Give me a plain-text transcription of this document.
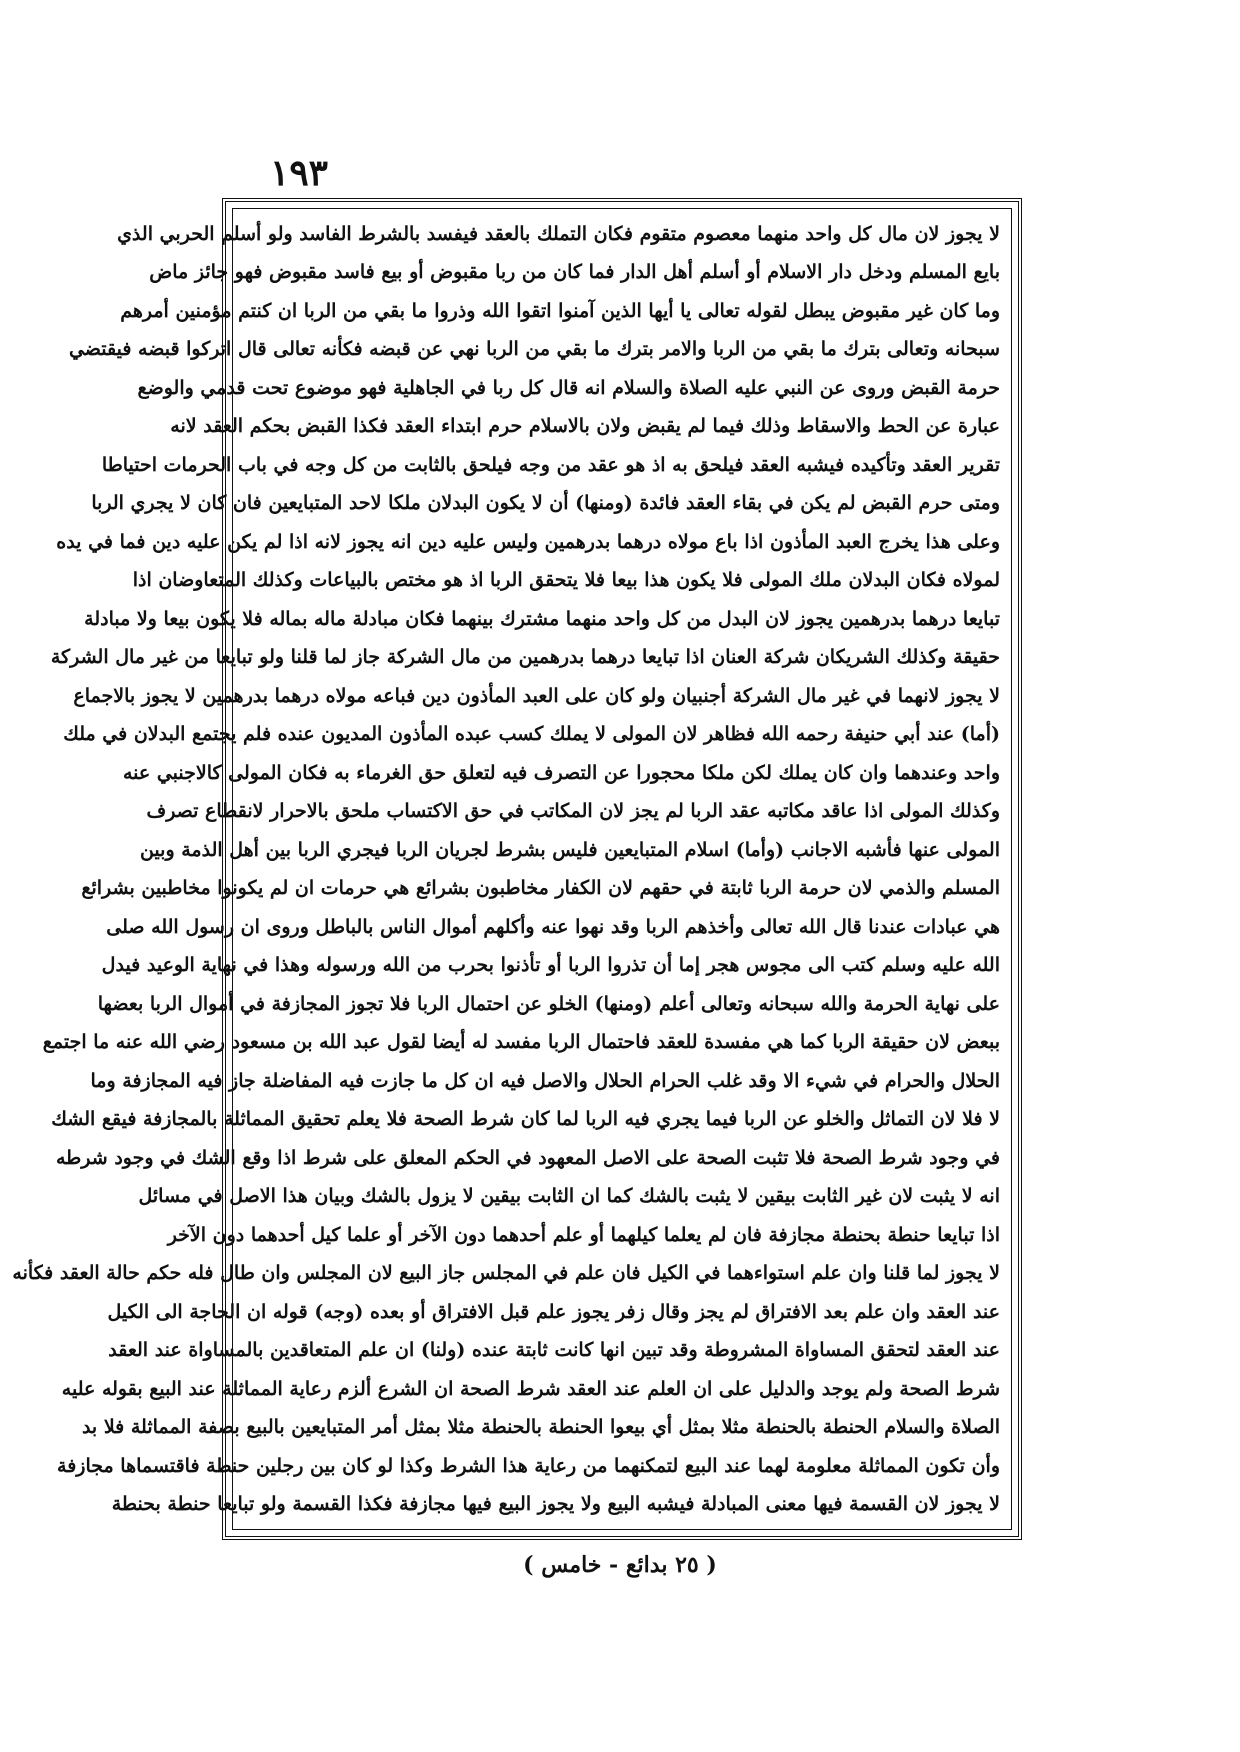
١٩٣
لا يجوز لان مال كل واحد منهما معصوم متقوم فكان التملك بالعقد فيفسد بالشرط الفاسد ولو أسلم الحربي الذي
بايع المسلم ودخل دار الاسلام أو أسلم أهل الدار فما كان من ربا مقبوض أو بيع فاسد مقبوض فهو جائز ماض
وما كان غير مقبوض يبطل لقوله تعالى يا أيها الذين آمنوا اتقوا الله وذروا ما بقي من الربا ان كنتم مؤمنين أمرهم
سبحانه وتعالى بترك ما بقي من الربا والامر بترك ما بقي من الربا نهي عن قبضه فكأنه تعالى قال اتركوا قبضه فيقتضي
حرمة القبض وروى عن النبي عليه الصلاة والسلام انه قال كل ربا في الجاهلية فهو موضوع تحت قدمي والوضع
عبارة عن الحط والاسقاط وذلك فيما لم يقبض ولان بالاسلام حرم ابتداء العقد فكذا القبض بحكم العقد لانه
تقرير العقد وتأكيده فيشبه العقد فيلحق به اذ هو عقد من وجه فيلحق بالثابت من كل وجه في باب الحرمات احتياطا
ومتى حرم القبض لم يكن في بقاء العقد فائدة (ومنها) أن لا يكون البدلان ملكا لاحد المتبايعين فان كان لا يجري الربا
وعلى هذا يخرج العبد المأذون اذا باع مولاه درهما بدرهمين وليس عليه دين انه يجوز لانه اذا لم يكن عليه دين فما في يده
لمولاه فكان البدلان ملك المولى فلا يكون هذا بيعا فلا يتحقق الربا اذ هو مختص بالبياعات وكذلك المتعاوضان اذا
تبايعا درهما بدرهمين يجوز لان البدل من كل واحد منهما مشترك بينهما فكان مبادلة ماله بماله فلا يكون بيعا ولا مبادلة
حقيقة وكذلك الشريكان شركة العنان اذا تبايعا درهما بدرهمين من مال الشركة جاز لما قلنا ولو تبايعا من غير مال الشركة
لا يجوز لانهما في غير مال الشركة أجنبيان ولو كان على العبد المأذون دين فباعه مولاه درهما بدرهمين لا يجوز بالاجماع
(أما) عند أبي حنيفة رحمه الله فظاهر لان المولى لا يملك كسب عبده المأذون المديون عنده فلم يجتمع البدلان في ملك
واحد وعندهما وان كان يملك لكن ملكا محجورا عن التصرف فيه لتعلق حق الغرماء به فكان المولى كالاجنبي عنه
وكذلك المولى اذا عاقد مكاتبه عقد الربا لم يجز لان المكاتب في حق الاكتساب ملحق بالاحرار لانقطاع تصرف
المولى عنها فأشبه الاجانب (وأما) اسلام المتبايعين فليس بشرط لجريان الربا فيجري الربا بين أهل الذمة وبين
المسلم والذمي لان حرمة الربا ثابتة في حقهم لان الكفار مخاطبون بشرائع هي حرمات ان لم يكونوا مخاطبين بشرائع
هي عبادات عندنا قال الله تعالى وأخذهم الربا وقد نهوا عنه وأكلهم أموال الناس بالباطل وروى ان رسول الله صلى
الله عليه وسلم كتب الى مجوس هجر إما أن تذروا الربا أو تأذنوا بحرب من الله ورسوله وهذا في نهاية الوعيد فيدل
على نهاية الحرمة والله سبحانه وتعالى أعلم (ومنها) الخلو عن احتمال الربا فلا تجوز المجازفة في أموال الربا بعضها
ببعض لان حقيقة الربا كما هي مفسدة للعقد فاحتمال الربا مفسد له أيضا لقول عبد الله بن مسعود رضي الله عنه ما اجتمع
الحلال والحرام في شيء الا وقد غلب الحرام الحلال والاصل فيه ان كل ما جازت فيه المفاضلة جاز فيه المجازفة وما
لا فلا لان التماثل والخلو عن الربا فيما يجري فيه الربا لما كان شرط الصحة فلا يعلم تحقيق المماثلة بالمجازفة فيقع الشك
في وجود شرط الصحة فلا تثبت الصحة على الاصل المعهود في الحكم المعلق على شرط اذا وقع الشك في وجود شرطه
انه لا يثبت لان غير الثابت بيقين لا يثبت بالشك كما ان الثابت بيقين لا يزول بالشك وبيان هذا الاصل في مسائل
اذا تبايعا حنطة بحنطة مجازفة فان لم يعلما كيلهما أو علم أحدهما دون الآخر أو علما كيل أحدهما دون الآخر
لا يجوز لما قلنا وان علم استواءهما في الكيل فان علم في المجلس جاز البيع لان المجلس وان طال فله حكم حالة العقد فكأنه
عند العقد وان علم بعد الافتراق لم يجز وقال زفر يجوز علم قبل الافتراق أو بعده (وجه) قوله ان الحاجة الى الكيل
عند العقد لتحقق المساواة المشروطة وقد تبين انها كانت ثابتة عنده (ولنا) ان علم المتعاقدين بالمساواة عند العقد
شرط الصحة ولم يوجد والدليل على ان العلم عند العقد شرط الصحة ان الشرع ألزم رعاية المماثلة عند البيع بقوله عليه
الصلاة والسلام الحنطة بالحنطة مثلا بمثل أي بيعوا الحنطة بالحنطة مثلا بمثل أمر المتبايعين بالبيع بصفة المماثلة فلا بد
وأن تكون المماثلة معلومة لهما عند البيع لتمكنهما من رعاية هذا الشرط وكذا لو كان بين رجلين حنطة فاقتسماها مجازفة
لا يجوز لان القسمة فيها معنى المبادلة فيشبه البيع ولا يجوز البيع فيها مجازفة فكذا القسمة ولو تبايعا حنطة بحنطة
( ٢٥ بدائع - خامس )
